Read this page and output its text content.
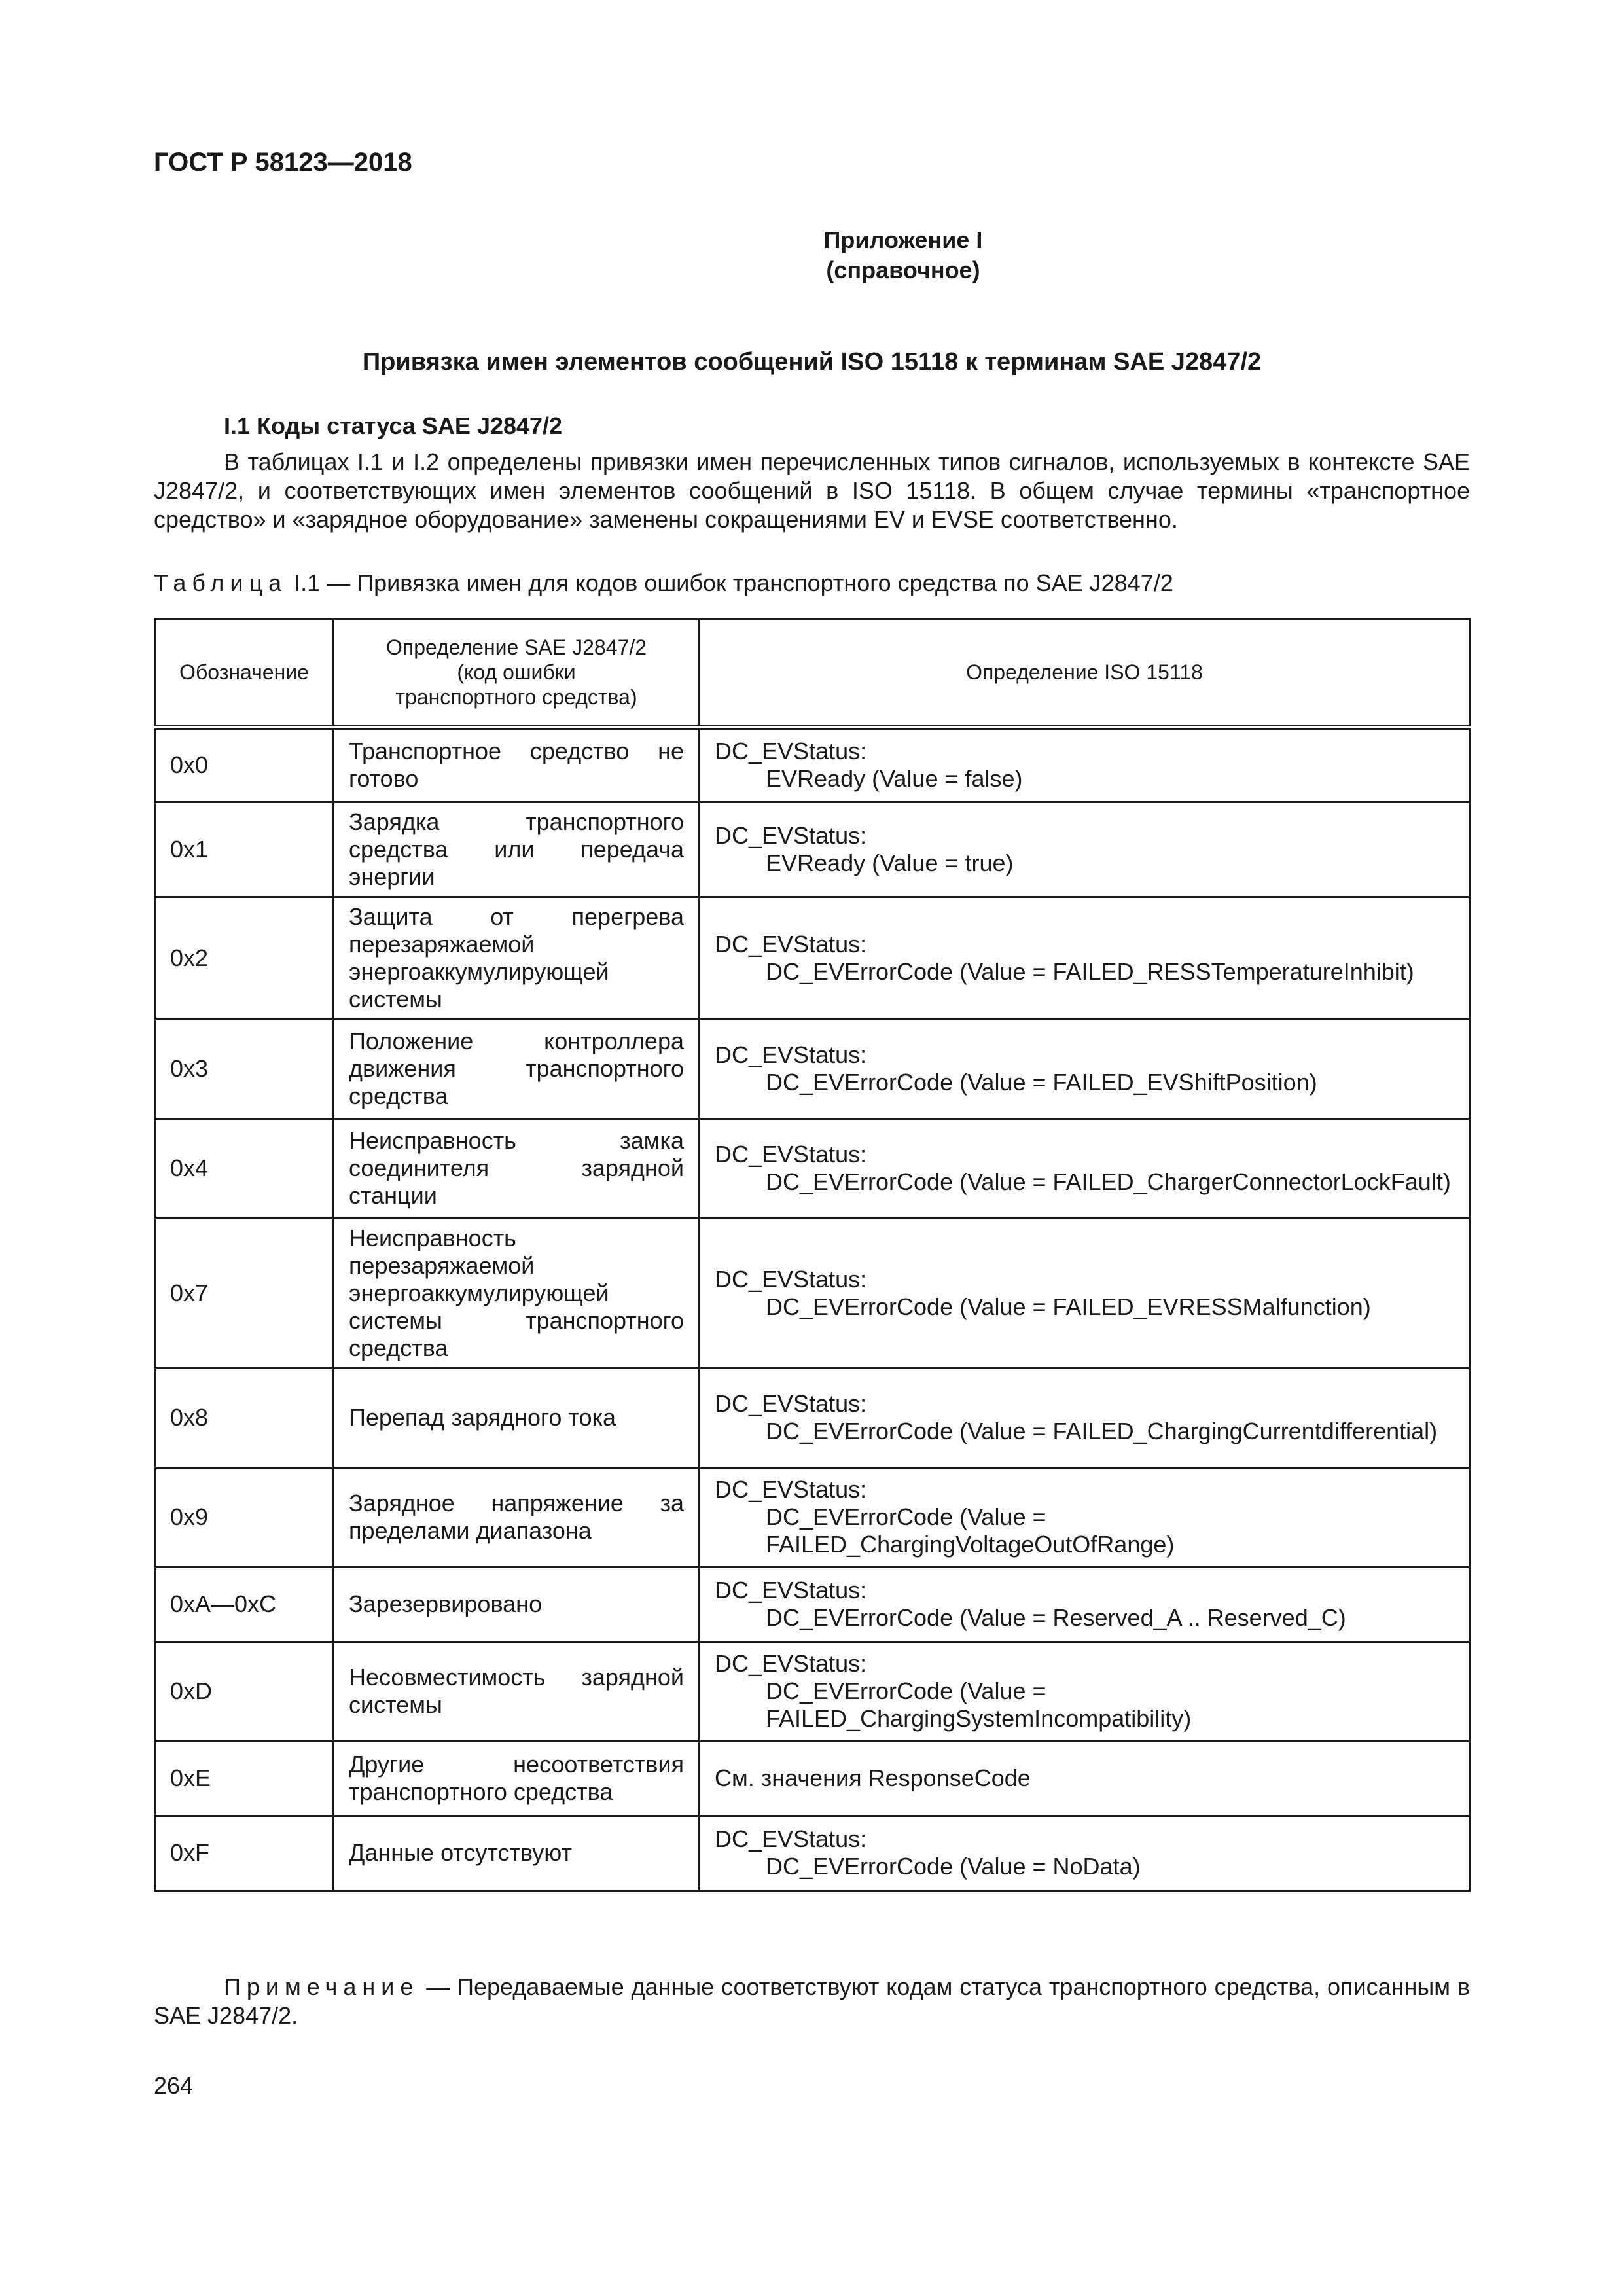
ГОСТ Р 58123—2018
Приложение I
(справочное)
Привязка имен элементов сообщений ISO 15118 к терминам SAE J2847/2
I.1 Коды статуса SAE J2847/2

В таблицах I.1 и I.2 определены привязки имен перечисленных типов сигналов, используемых в контексте SAE J2847/2, и соответствующих имен элементов сообщений в ISO 15118. В общем случае термины «транспортное средство» и «зарядное оборудование» заменены сокращениями EV и EVSE соответственно.

Таблица I.1 — Привязка имен для кодов ошибок транспортного средства по SAE J2847/2
Обозначение	Определение SAE J2847/2
(код ошибки
транспортного средства)	Определение ISO 15118
0x0	Транспортное средство не готово	DC_EVStatus:
EVReady (Value = false)

0x1	Зарядка транспортного средства или передача энергии	DC_EVStatus:
EVReady (Value = true)

0x2	Защита от перегрева перезаряжаемой энергоаккумулирующей системы	DC_EVStatus:
DC_EVErrorCode (Value = FAILED_RESSTemperatureInhibit)

0x3	Положение контроллера движения транспортного средства	DC_EVStatus:
DC_EVErrorCode (Value = FAILED_EVShiftPosition)

0x4	Неисправность замка соединителя зарядной станции	DC_EVStatus:
DC_EVErrorCode (Value = FAILED_ChargerConnectorLockFault)

0x7	Неисправность перезаряжаемой энергоаккумулирующей системы транспортного средства	DC_EVStatus:
DC_EVErrorCode (Value = FAILED_EVRESSMalfunction)

0x8	Перепад зарядного тока	DC_EVStatus:
DC_EVErrorCode (Value = FAILED_ChargingCurrentdifferential)

0x9	Зарядное напряжение за пределами диапазона	DC_EVStatus:
DC_EVErrorCode (Value = FAILED_ChargingVoltageOutOfRange)

0xA—0xC	Зарезервировано	DC_EVStatus:
DC_EVErrorCode (Value = Reserved_A .. Reserved_C)

0xD	Несовместимость зарядной системы	DC_EVStatus:
DC_EVErrorCode (Value = FAILED_ChargingSystemIncompatibility)

0xE	Другие несоответствия транспортного средства	См. значения ResponseCode

0xF	Данные отсутствуют	DC_EVStatus:
DC_EVErrorCode (Value = NoData)

Примечание — Передаваемые данные соответствуют кодам статуса транспортного средства, описанным в SAE J2847/2.

264
